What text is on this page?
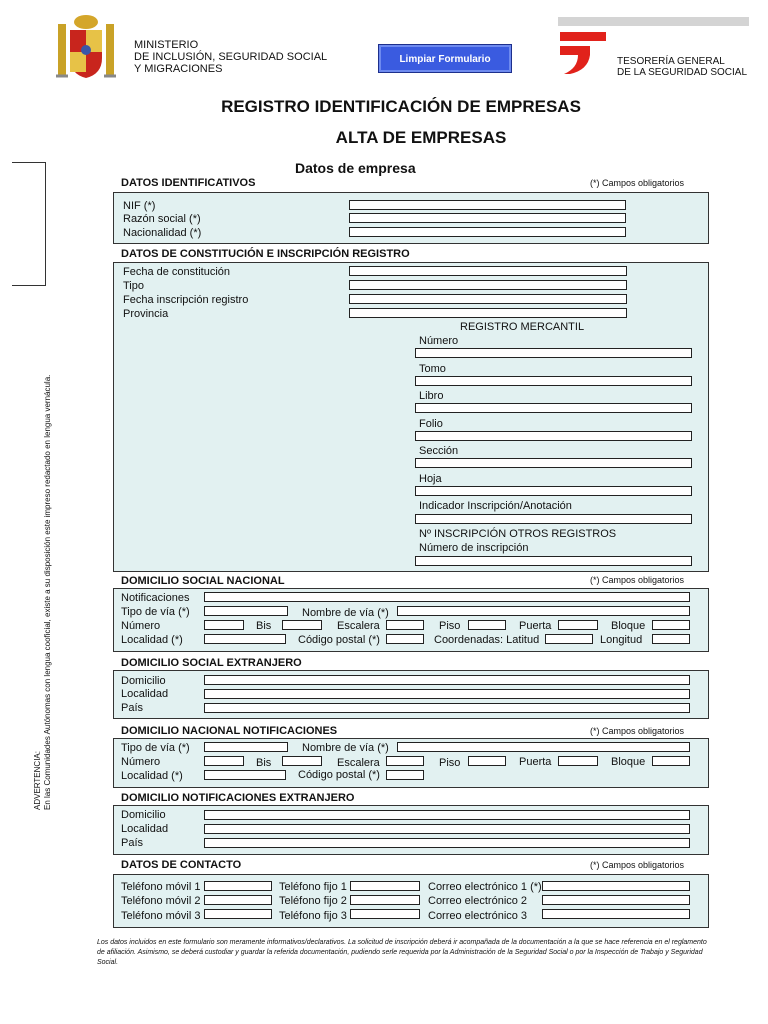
MINISTERIO
DE INCLUSIÓN, SEGURIDAD SOCIAL
Y MIGRACIONES
Limpiar Formulario	TESORERÍA GENERAL
DE LA SEGURIDAD SOCIAL
REGISTRO IDENTIFICACIÓN DE EMPRESAS
ALTA DE EMPRESAS
Datos de empresa
ADVERTENCIA: En las Comunidades Autónomas con lengua cooficial, existe a su disposición este impreso redactado en lengua vernácula.
DATOS IDENTIFICATIVOS	(*) Campos obligatorios
NIF (*)
Razón social (*)
Nacionalidad (*)
DATOS DE CONSTITUCIÓN E INSCRIPCIÓN REGISTRO
Fecha de constitución
Tipo
Fecha inscripción registro
Provincia
REGISTRO MERCANTIL
Número
Tomo
Libro
Folio
Sección
Hoja
Indicador Inscripción/Anotación
Nº INSCRIPCIÓN OTROS REGISTROS
Número de inscripción
DOMICILIO SOCIAL NACIONAL	(*) Campos obligatorios
Notificaciones
Tipo de vía (*)	Nombre de vía (*)
Número	Bis	Escalera	Piso	Puerta	Bloque
Localidad (*)	Código postal (*)	Coordenadas: Latitud	Longitud
DOMICILIO SOCIAL EXTRANJERO
Domicilio
Localidad
País
DOMICILIO NACIONAL NOTIFICACIONES	(*) Campos obligatorios
Tipo de vía (*)	Nombre de vía (*)
Número	Bis	Escalera	Piso	Puerta	Bloque
Localidad (*)	Código postal (*)
DOMICILIO NOTIFICACIONES EXTRANJERO
Domicilio
Localidad
País
DATOS DE CONTACTO	(*) Campos obligatorios
Teléfono móvil 1	Teléfono fijo 1	Correo electrónico 1 (*)
Teléfono móvil 2	Teléfono fijo 2	Correo electrónico 2
Teléfono móvil 3	Teléfono fijo 3	Correo electrónico 3
Los datos incluidos en este formulario son meramente informativos/declarativos. La solicitud de inscripción deberá ir acompañada de la documentación a la que se hace referencia en el reglamento de afiliación. Asimismo, se deberá custodiar y guardar la referida documentación, pudiendo serle requerida por la Administración de la Seguridad Social o por la Inspección de Trabajo y Seguridad Social.
